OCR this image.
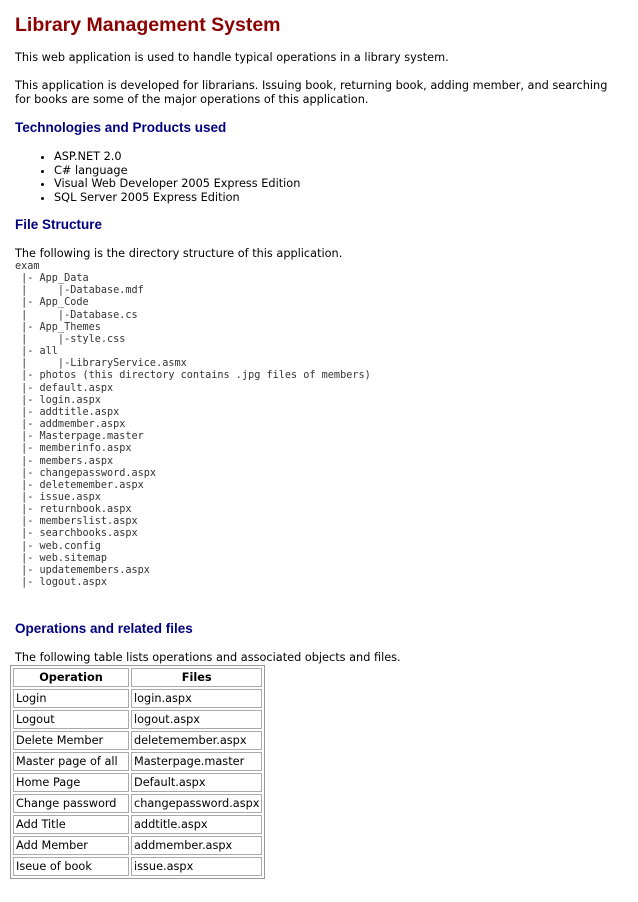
Library Management System

This web application is used to handle typical operations in a library system.

This application is developed for librarians. Issuing book, returning book, adding member, and searching for books are some of the major operations of this application.

Technologies and Products used
• ASP.NET 2.0
• C# language
• Visual Web Developer 2005 Express Edition
• SQL Server 2005 Express Edition
File Structure

The following is the directory structure of this application.

exam
|- App_Data
|     |-Database.mdf
|- App_Code
|     |-Database.cs
|- App_Themes
|     |-style.css
|- all
|     |-LibraryService.asmx
|- photos (this directory contains .jpg files of members)
|- default.aspx
|- login.aspx
|- addtitle.aspx
|- addmember.aspx
|- Masterpage.master
|- memberinfo.aspx
|- members.aspx
|- changepassword.aspx
|- deletemember.aspx
|- issue.aspx
|- returnbook.aspx
|- memberslist.aspx
|- searchbooks.aspx
|- web.config
|- web.sitemap
|- updatemembers.aspx
|- logout.aspx
Operations and related files

The following table lists operations and associated objects and files.

Operation	Files
Login	login.aspx
Logout	logout.aspx
Delete Member	deletemember.aspx
Master page of all	Masterpage.master
Home Page	Default.aspx
Change password	changepassword.aspx
Add Title	addtitle.aspx
Add Member	addmember.aspx
Iseue of book	issue.aspx
